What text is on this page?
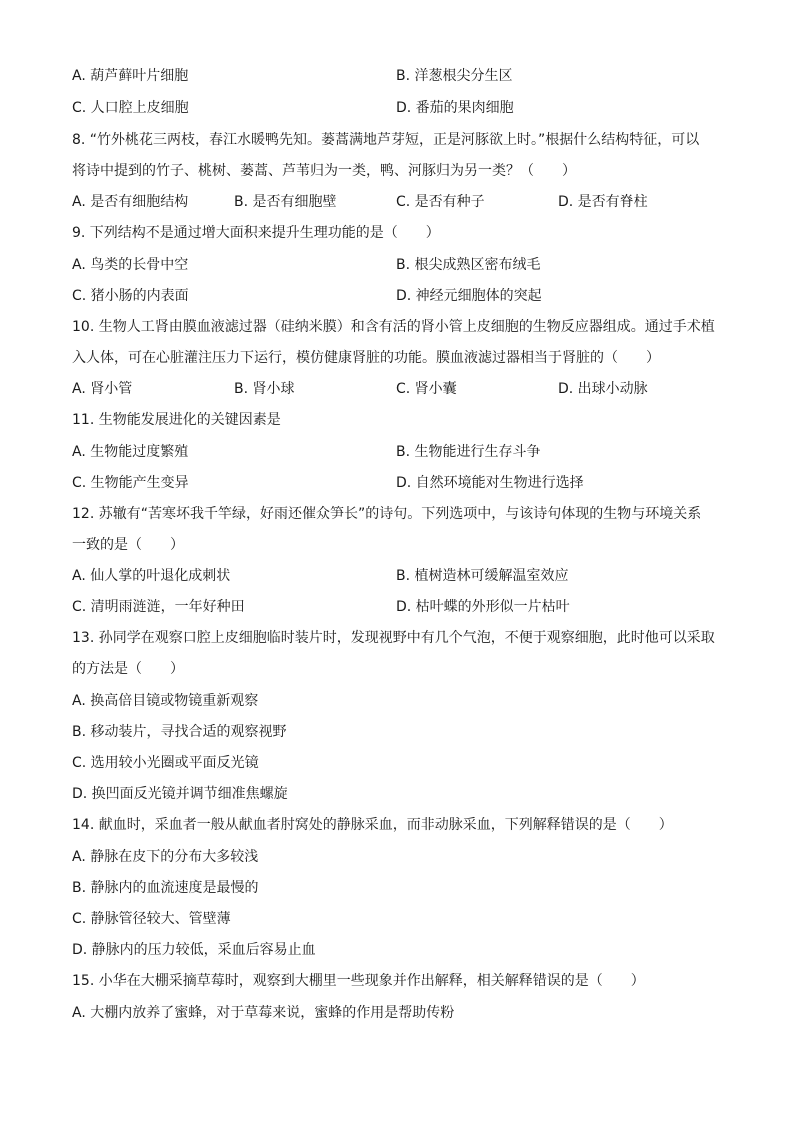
A. 葫芦藓叶片细胞	B. 洋葱根尖分生区
C. 人口腔上皮细胞	D. 番茄的果肉细胞
8. “竹外桃花三两枝，春江水暖鸭先知。蒌蒿满地芦芽短，正是河豚欲上时。”根据什么结构特征，可以
将诗中提到的竹子、桃树、蒌蒿、芦苇归为一类，鸭、河豚归为另一类？（　　）
A. 是否有细胞结构	B. 是否有细胞壁	C. 是否有种子	D. 是否有脊柱
9. 下列结构不是通过增大面积来提升生理功能的是（　　）
A. 鸟类的长骨中空	B. 根尖成熟区密布绒毛
C. 猪小肠的内表面	D. 神经元细胞体的突起
10. 生物人工肾由膜血液滤过器（硅纳米膜）和含有活的肾小管上皮细胞的生物反应器组成。通过手术植
入人体，可在心脏灌注压力下运行，模仿健康肾脏的功能。膜血液滤过器相当于肾脏的（　　）
A. 肾小管	B. 肾小球	C. 肾小囊	D. 出球小动脉
11. 生物能发展进化的关键因素是
A. 生物能过度繁殖	B. 生物能进行生存斗争
C. 生物能产生变异	D. 自然环境能对生物进行选择
12. 苏辙有“苦寒坏我千竿绿，好雨还催众笋长”的诗句。下列选项中，与该诗句体现的生物与环境关系
一致的是（　　）
A. 仙人掌的叶退化成刺状	B. 植树造林可缓解温室效应
C. 清明雨涟涟，一年好种田	D. 枯叶蝶的外形似一片枯叶
13. 孙同学在观察口腔上皮细胞临时装片时，发现视野中有几个气泡，不便于观察细胞，此时他可以采取
的方法是（　　）
A. 换高倍目镜或物镜重新观察
B. 移动装片，寻找合适的观察视野
C. 选用较小光圈或平面反光镜
D. 换凹面反光镜并调节细准焦螺旋
14. 献血时，采血者一般从献血者肘窝处的静脉采血，而非动脉采血，下列解释错误的是（　　）
A. 静脉在皮下的分布大多较浅
B. 静脉内的血流速度是最慢的
C. 静脉管径较大、管壁薄
D. 静脉内的压力较低，采血后容易止血
15. 小华在大棚采摘草莓时，观察到大棚里一些现象并作出解释，相关解释错误的是（　　）
A. 大棚内放养了蜜蜂，对于草莓来说，蜜蜂的作用是帮助传粉
